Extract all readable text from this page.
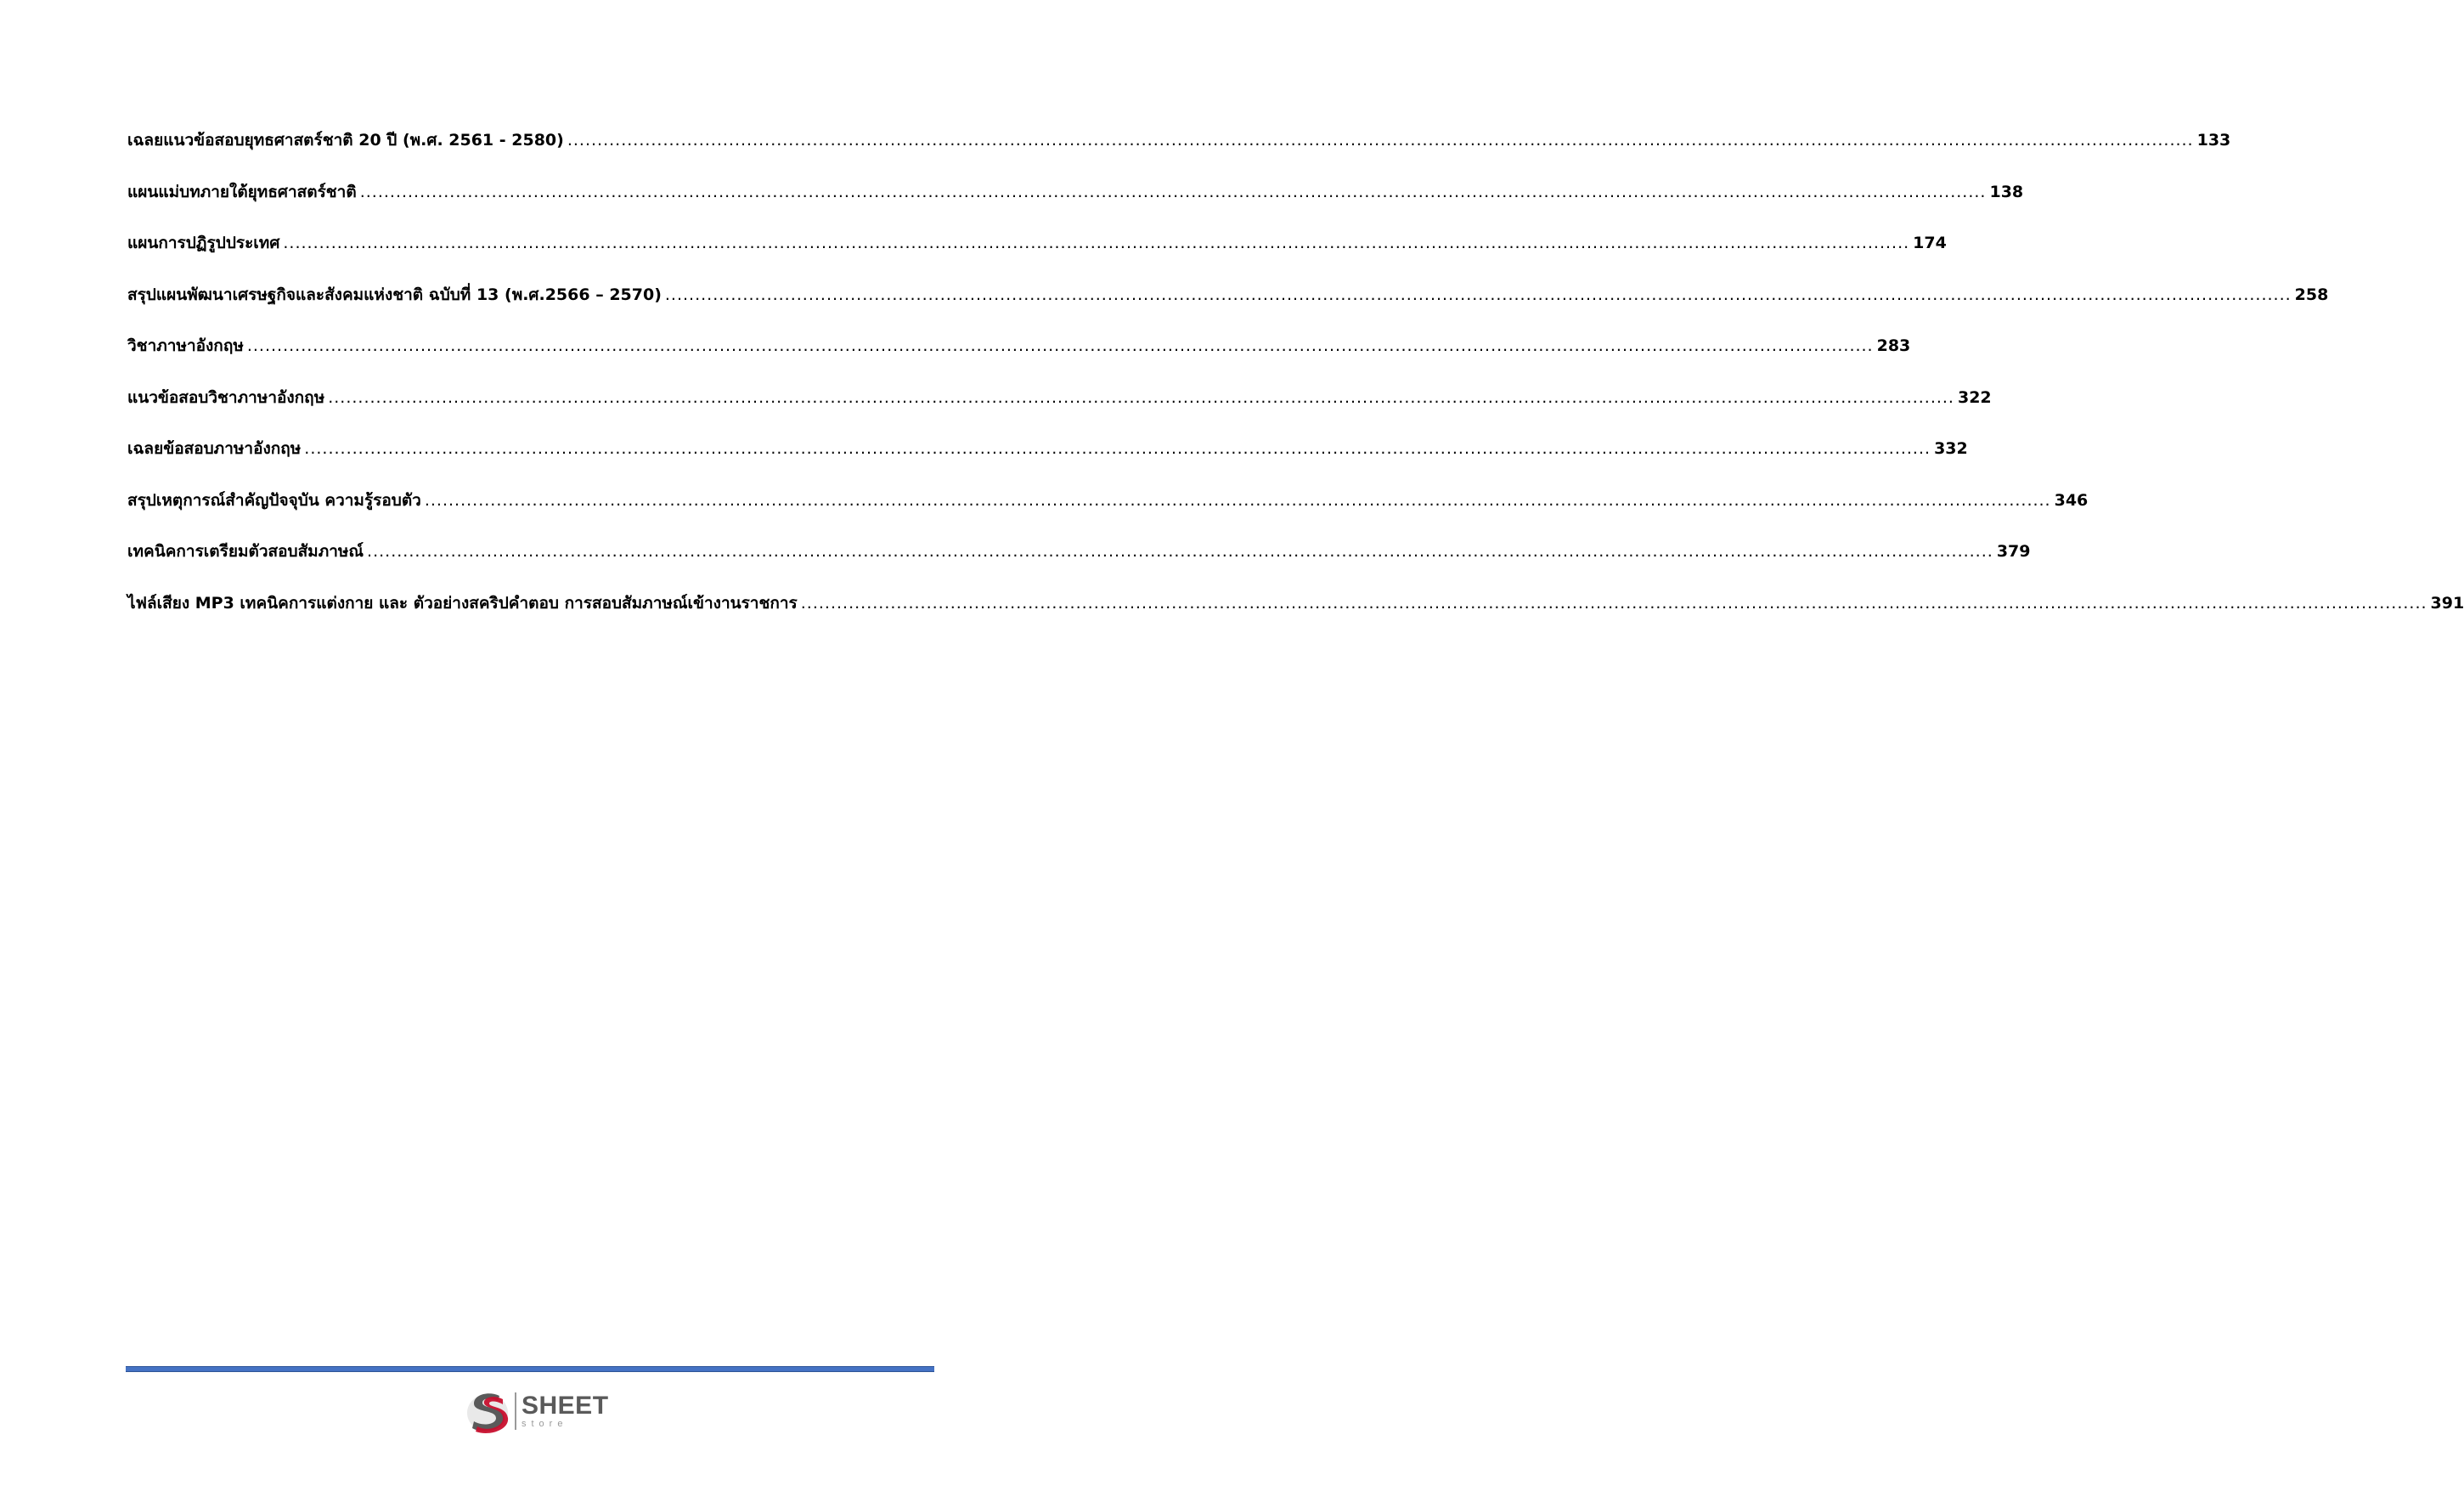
เฉลยแนวข้อสอบยุทธศาสตร์ชาติ 20 ปี (พ.ศ. 2561 - 2580) .....	133
แผนแม่บทภายใต้ยุทธศาสตร์ชาติ .....	138
แผนการปฏิรูปประเทศ .....	174
สรุปแผนพัฒนาเศรษฐกิจและสังคมแห่งชาติ ฉบับที่ 13 (พ.ศ.2566 – 2570) .....	258
วิชาภาษาอังกฤษ .....	283
แนวข้อสอบวิชาภาษาอังกฤษ .....	322
เฉลยข้อสอบภาษาอังกฤษ .....	332
สรุปเหตุการณ์สำคัญปัจจุบัน ความรู้รอบตัว .....	346
เทคนิคการเตรียมตัวสอบสัมภาษณ์ .....	379
ไฟล์เสียง MP3 เทคนิคการแต่งกาย และ ตัวอย่างสคริปคำตอบ การสอบสัมภาษณ์เข้างานราชการ .....	391
SHEET
store
